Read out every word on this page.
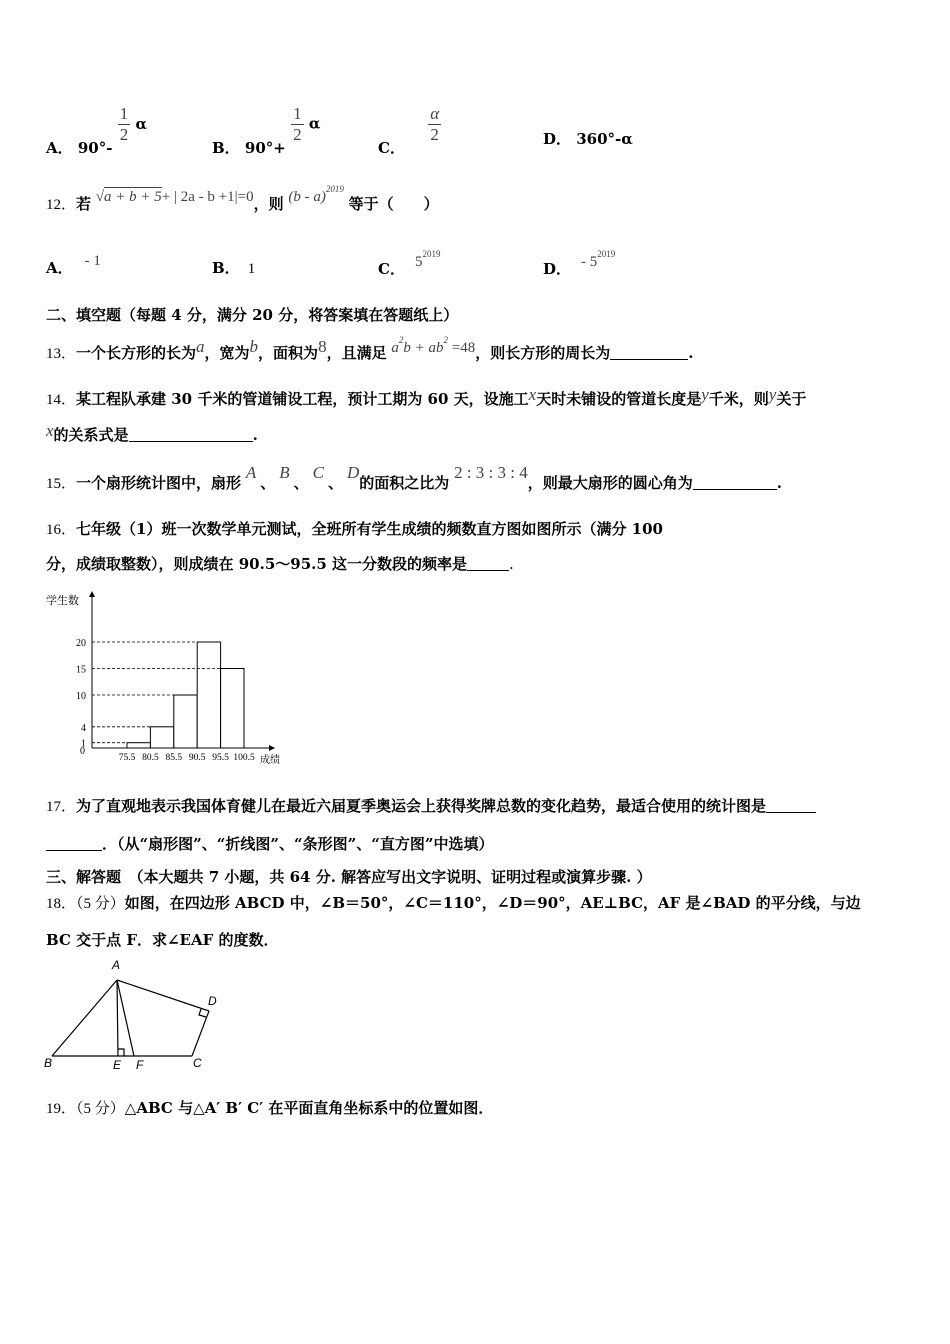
A． 90°-
$\frac{1}{2}$ α
B． 90°+
$\frac{1}{2}$ α
C．
$\frac{\alpha}{2}$	D． 360°-α
12．若 √a + b + 5+ | 2a - b +1|=0，则 (b - a)$^{2019}$ 等于（　　）
A． - 1	B． 1	C． $5^{2019}$
D． - $5^{2019}$
二、填空题（每题 4 分，满分 20 分，将答案填在答题纸上）
13．一个长方形的长为a，宽为b，面积为8，且满足 $a^2b + ab^2 =48$，则长方形的周长为	.
14．某工程队承建 30 千米的管道铺设工程，预计工期为 60 天，设施工x天时未铺设的管道长度是y千米，则y关于
x的关系式是	.
15．一个扇形统计图中，扇形 A、B、C、D的面积之比为 2 : 3 : 3 : 4，则最大扇形的圆心角为	.
16．七年级（1）班一次数学单元测试，全班所有学生成绩的频数直方图如图所示（满分 100
分，成绩取整数），则成绩在 90.5～95.5 这一分数段的频率是	.
学生数
成绩
0
1
4
10
15
20
75.5 80.5 85.5 90.5 95.5 100.5
17．为了直观地表示我国体育健儿在最近六届夏季奥运会上获得奖牌总数的变化趋势，最适合使用的统计图是
．（从“扇形图”、“折线图”、“条形图”、“直方图”中选填）
三、解答题　（本大题共 7 小题，共 64 分. 解答应写出文字说明、证明过程或演算步骤. ）
18．（5 分）如图，在四边形 ABCD 中，∠B＝50°，∠C＝110°，∠D＝90°，AE⊥BC，AF 是∠BAD 的平分线，与边
BC 交于点 F．求∠EAF 的度数．
A
B	C
D
E F
19．（5 分）△ABC 与△A′ B′ C′ 在平面直角坐标系中的位置如图．
